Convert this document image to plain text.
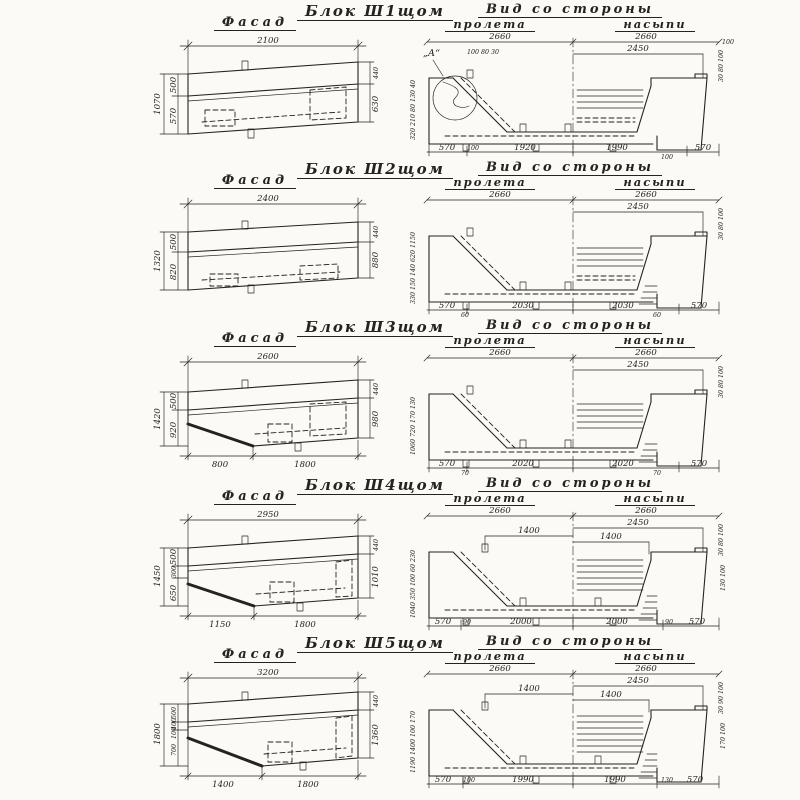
Блок Ш1щом
Фасад
2100
1070
500
570
440
630
Вид со стороны
пролета	насыпи
2660	2660
2450
„А“	100 80 30	30 80 100
100
570 100	1920	1990	570
100
320 210 80 130 40
Блок Ш2щом
Фасад
2400
1320
500
820
440
880
Вид со стороны
пролета	насыпи
2660	2660
2450
30 80 100
570	2030	2030	570
60	60
330 150 140 620 1150
Блок Ш3щом
Фасад
2600
1420
500
920
440
980
800	1800
Вид со стороны
пролета	насыпи
2660	2660
2450
30 80 100
570	2020	2020	570
70	70
1060 720 170 130
Блок Ш4щом
Фасад
2950
1450
500
300
650
440
1010
1150	1800
Вид со стороны
пролета	насыпи
2660	2660
2450
1400
1400	30 80 100
130 100
570 90	2000	2000	90 570
1040 350 100 60 230
Блок Ш5щом
Фасад
3200
1800
500
400
100
700
440
1360
1400	1800
Вид со стороны
пролета	насыпи
2660	2660
2450
1400
1400	30 90 100
170 100
570 100	1990	1990	130 570
1190 1400 100 170
